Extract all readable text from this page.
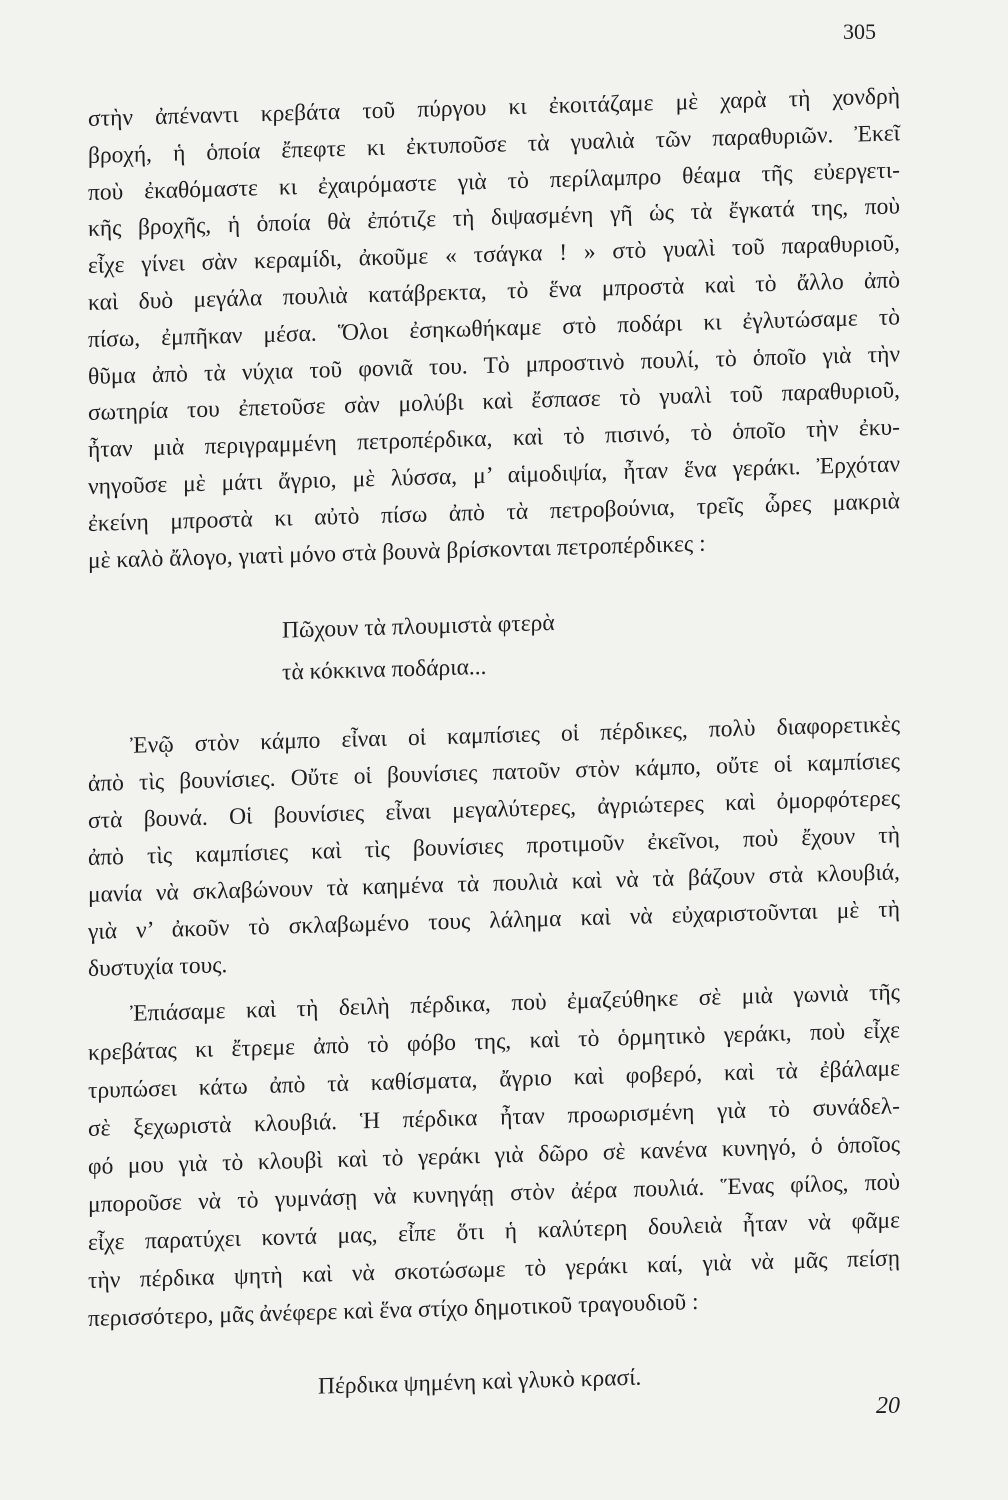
305
στὴν ἀπέναντι κρεβάτα τοῦ πύργου κι ἐκοιτάζαμε μὲ χαρὰ τὴ χονδρὴ
βροχή, ἡ ὁποία ἔπεφτε κι ἐκτυποῦσε τὰ γυαλιὰ τῶν παραθυριῶν. Ἐκεῖ
ποὺ ἐκαθόμαστε κι ἐχαιρόμαστε γιὰ τὸ περίλαμπρο θέαμα τῆς εὐεργετι-
κῆς βροχῆς, ἡ ὁποία θὰ ἐπότιζε τὴ διψασμένη γῆ ὡς τὰ ἔγκατά της, ποὺ
εἶχε γίνει σὰν κεραμίδι, ἀκοῦμε « τσάγκα ! » στὸ γυαλὶ τοῦ παραθυριοῦ,
καὶ δυὸ μεγάλα πουλιὰ κατάβρεκτα, τὸ ἕνα μπροστὰ καὶ τὸ ἄλλο ἀπὸ
πίσω, ἐμπῆκαν μέσα. Ὅλοι ἐσηκωθήκαμε στὸ ποδάρι κι ἐγλυτώσαμε τὸ
θῦμα ἀπὸ τὰ νύχια τοῦ φονιᾶ του. Τὸ μπροστινὸ πουλί, τὸ ὁποῖο γιὰ τὴν
σωτηρία του ἐπετοῦσε σὰν μολύβι καὶ ἔσπασε τὸ γυαλὶ τοῦ παραθυριοῦ,
ἦταν μιὰ περιγραμμένη πετροπέρδικα, καὶ τὸ πισινό, τὸ ὁποῖο τὴν ἐκυ-
νηγοῦσε μὲ μάτι ἄγριο, μὲ λύσσα, μ’ αἱμοδιψία, ἦταν ἕνα γεράκι. Ἐρχόταν
ἐκείνη μπροστὰ κι αὐτὸ πίσω ἀπὸ τὰ πετροβούνια, τρεῖς ὧρες μακριὰ
μὲ καλὸ ἄλογο, γιατὶ μόνο στὰ βουνὰ βρίσκονται πετροπέρδικες :
Πῶχουν τὰ πλουμιστὰ φτερὰ
τὰ κόκκινα ποδάρια...
Ἐνῷ στὸν κάμπο εἶναι οἱ καμπίσιες οἱ πέρδικες, πολὺ διαφορετικὲς
ἀπὸ τὶς βουνίσιες. Οὔτε οἱ βουνίσιες πατοῦν στὸν κάμπο, οὔτε οἱ καμπίσιες
στὰ βουνά. Οἱ βουνίσιες εἶναι μεγαλύτερες, ἀγριώτερες καὶ ὀμορφότερες
ἀπὸ τὶς καμπίσιες καὶ τὶς βουνίσιες προτιμοῦν ἐκεῖνοι, ποὺ ἔχουν τὴ
μανία νὰ σκλαβώνουν τὰ καημένα τὰ πουλιὰ καὶ νὰ τὰ βάζουν στὰ κλουβιά,
γιὰ ν’ ἀκοῦν τὸ σκλαβωμένο τους λάλημα καὶ νὰ εὐχαριστοῦνται μὲ τὴ
δυστυχία τους.
Ἐπιάσαμε καὶ τὴ δειλὴ πέρδικα, ποὺ ἐμαζεύθηκε σὲ μιὰ γωνιὰ τῆς
κρεβάτας κι ἔτρεμε ἀπὸ τὸ φόβο της, καὶ τὸ ὁρμητικὸ γεράκι, ποὺ εἶχε
τρυπώσει κάτω ἀπὸ τὰ καθίσματα, ἄγριο καὶ φοβερό, καὶ τὰ ἐβάλαμε
σὲ ξεχωριστὰ κλουβιά. Ἡ πέρδικα ἦταν προωρισμένη γιὰ τὸ συνάδελ-
φό μου γιὰ τὸ κλουβὶ καὶ τὸ γεράκι γιὰ δῶρο σὲ κανένα κυνηγό, ὁ ὁποῖος
μποροῦσε νὰ τὸ γυμνάσῃ νὰ κυνηγάῃ στὸν ἀέρα πουλιά. Ἕνας φίλος, ποὺ
εἶχε παρατύχει κοντά μας, εἶπε ὅτι ἡ καλύτερη δουλειὰ ἦταν νὰ φᾶμε
τὴν πέρδικα ψητὴ καὶ νὰ σκοτώσωμε τὸ γεράκι καί, γιὰ νὰ μᾶς πείσῃ
περισσότερο, μᾶς ἀνέφερε καὶ ἕνα στίχο δημοτικοῦ τραγουδιοῦ :
Πέρδικα ψημένη καὶ γλυκὸ κρασί.
20
